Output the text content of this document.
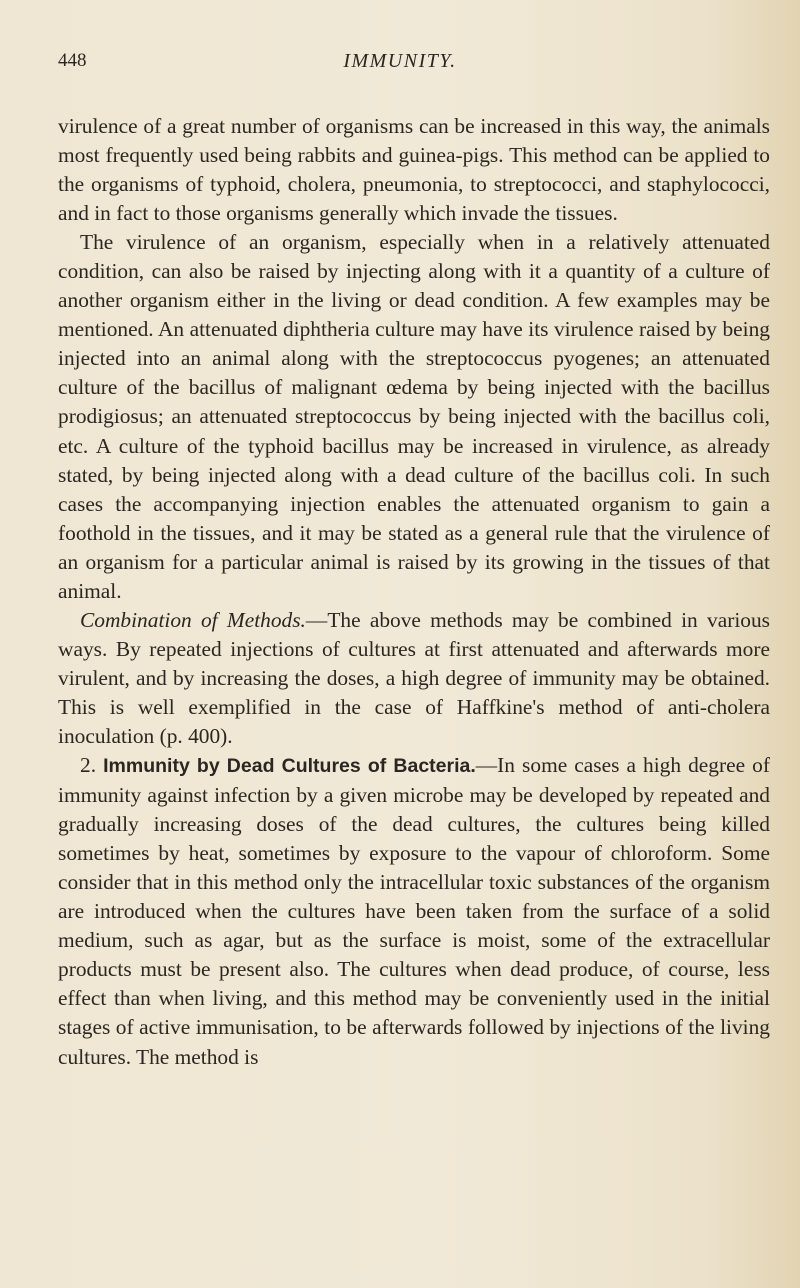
448	IMMUNITY.

virulence of a great number of organisms can be increased in this way, the animals most frequently used being rabbits and guinea-pigs. This method can be applied to the organisms of typhoid, cholera, pneumonia, to streptococci, and staphylococci, and in fact to those organisms generally which invade the tissues.

The virulence of an organism, especially when in a relatively attenuated condition, can also be raised by injecting along with it a quantity of a culture of another organism either in the living or dead condition. A few examples may be mentioned. An attenuated diphtheria culture may have its virulence raised by being injected into an animal along with the streptococcus pyogenes; an attenuated culture of the bacillus of malignant œdema by being injected with the bacillus prodigiosus; an attenuated streptococcus by being injected with the bacillus coli, etc. A culture of the typhoid bacillus may be increased in virulence, as already stated, by being injected along with a dead culture of the bacillus coli. In such cases the accompanying injection enables the attenuated organism to gain a foothold in the tissues, and it may be stated as a general rule that the virulence of an organism for a particular animal is raised by its growing in the tissues of that animal.

Combination of Methods.—The above methods may be combined in various ways. By repeated injections of cultures at first attenuated and afterwards more virulent, and by increasing the doses, a high degree of immunity may be obtained. This is well exemplified in the case of Haffkine's method of anti-cholera inoculation (p. 400).

2. Immunity by Dead Cultures of Bacteria.—In some cases a high degree of immunity against infection by a given microbe may be developed by repeated and gradually increasing doses of the dead cultures, the cultures being killed sometimes by heat, sometimes by exposure to the vapour of chloroform. Some consider that in this method only the intracellular toxic substances of the organism are introduced when the cultures have been taken from the surface of a solid medium, such as agar, but as the surface is moist, some of the extracellular products must be present also. The cultures when dead produce, of course, less effect than when living, and this method may be conveniently used in the initial stages of active immunisation, to be afterwards followed by injections of the living cultures. The method is
